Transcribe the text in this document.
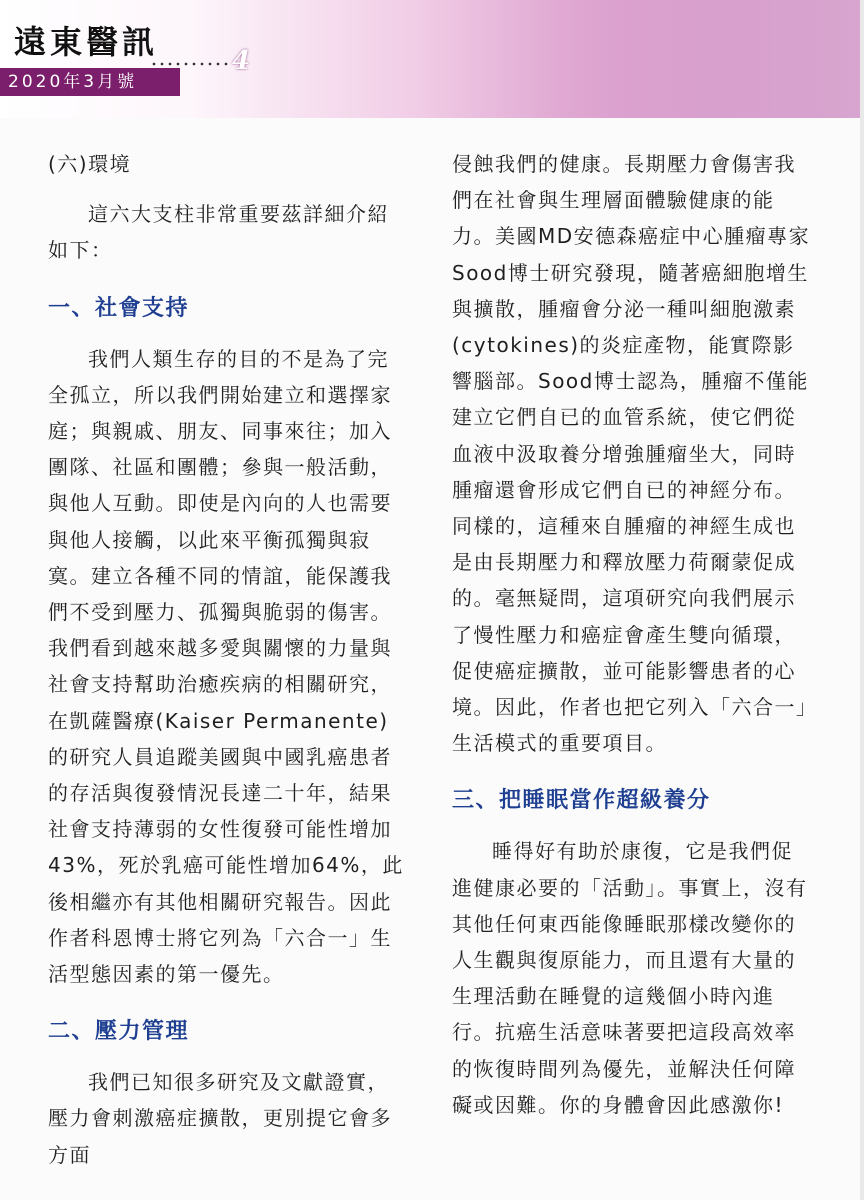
遠東醫訊	4
2020年3月號

(六)環境

這六大支柱非常重要茲詳細介紹如下：

一、社會支持

我們人類生存的目的不是為了完全孤立，所以我們開始建立和選擇家庭；與親戚、朋友、同事來往；加入團隊、社區和團體；參與一般活動，與他人互動。即使是內向的人也需要與他人接觸，以此來平衡孤獨與寂寞。建立各種不同的情誼，能保護我們不受到壓力、孤獨與脆弱的傷害。我們看到越來越多愛與關懷的力量與社會支持幫助治癒疾病的相關研究，在凱薩醫療(Kaiser Permanente)的研究人員追蹤美國與中國乳癌患者的存活與復發情況長達二十年，結果社會支持薄弱的女性復發可能性增加43%，死於乳癌可能性增加64%，此後相繼亦有其他相關研究報告。因此作者科恩博士將它列為「六合一」生活型態因素的第一優先。

二、壓力管理

我們已知很多研究及文獻證實，壓力會刺激癌症擴散，更別提它會多方面

侵蝕我們的健康。長期壓力會傷害我們在社會與生理層面體驗健康的能力。美國MD安德森癌症中心腫瘤專家Sood博士研究發現，隨著癌細胞增生與擴散，腫瘤會分泌一種叫細胞激素(cytokines)的炎症產物，能實際影響腦部。Sood博士認為，腫瘤不僅能建立它們自已的血管系統，使它們從血液中汲取養分增強腫瘤坐大，同時腫瘤還會形成它們自已的神經分布。同樣的，這種來自腫瘤的神經生成也是由長期壓力和釋放壓力荷爾蒙促成的。毫無疑問，這項研究向我們展示了慢性壓力和癌症會產生雙向循環，促使癌症擴散，並可能影響患者的心境。因此，作者也把它列入「六合一」生活模式的重要項目。

三、把睡眠當作超級養分

睡得好有助於康復，它是我們促進健康必要的「活動」。事實上，沒有其他任何東西能像睡眠那樣改變你的人生觀與復原能力，而且還有大量的生理活動在睡覺的這幾個小時內進行。抗癌生活意味著要把這段高效率的恢復時間列為優先，並解決任何障礙或因難。你的身體會因此感激你!
